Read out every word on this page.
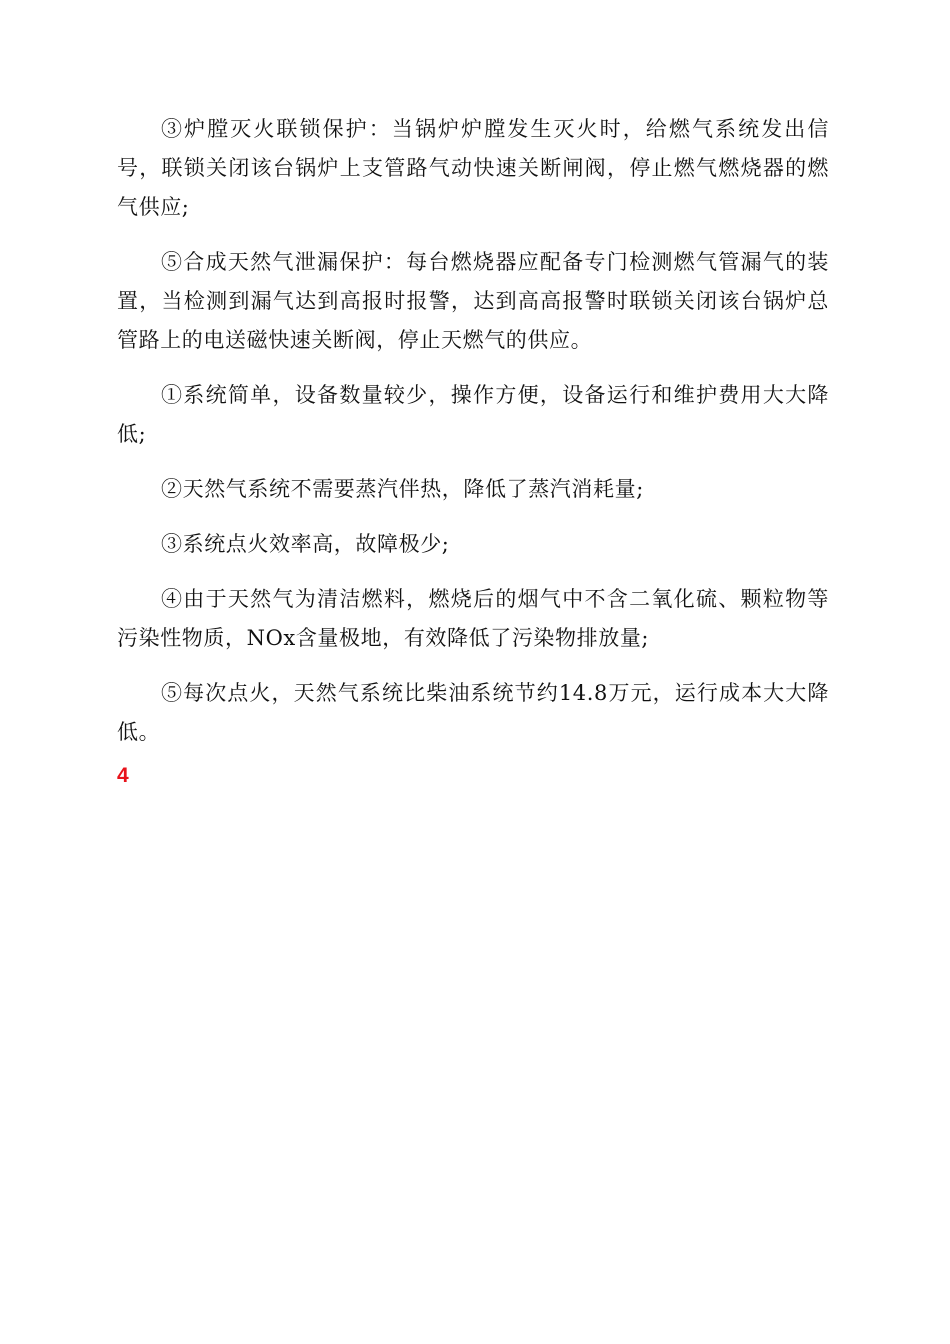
③炉膛灭火联锁保护：当锅炉炉膛发生灭火时，给燃气系统发出信号，联锁关闭该台锅炉上支管路气动快速关断闸阀，停止燃气燃烧器的燃气供应;

⑤合成天然气泄漏保护：每台燃烧器应配备专门检测燃气管漏气的装置，当检测到漏气达到高报时报警，达到高高报警时联锁关闭该台锅炉总管路上的电送磁快速关断阀，停止天燃气的供应。

①系统简单，设备数量较少，操作方便，设备运行和维护费用大大降低;

②天然气系统不需要蒸汽伴热，降低了蒸汽消耗量;

③系统点火效率高，故障极少;

④由于天然气为清洁燃料，燃烧后的烟气中不含二氧化硫、颗粒物等污染性物质，NOx含量极地，有效降低了污染物排放量;

⑤每次点火，天然气系统比柴油系统节约14.8万元，运行成本大大降低。

4
